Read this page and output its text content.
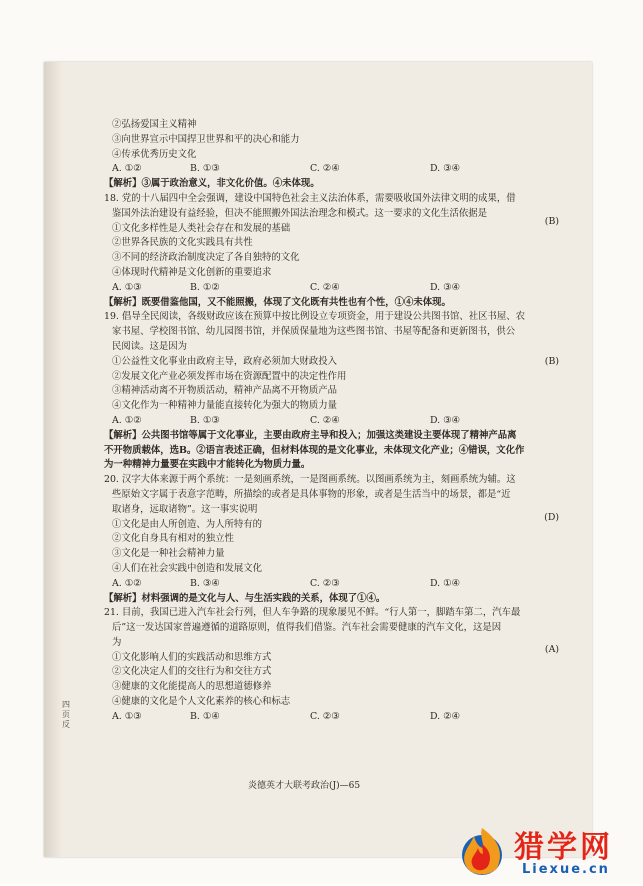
②弘扬爱国主义精神
③向世界宣示中国捍卫世界和平的决心和能力
④传承优秀历史文化
A. ①②	B. ①③	C. ②④	D. ③④
【解析】③属于政治意义，非文化价值。④未体现。
18. 党的十八届四中全会强调，建设中国特色社会主义法治体系，需要吸收国外法律文明的成果，借
鉴国外法治建设有益经验，但决不能照搬外国法治理念和模式。这一要求的文化生活依据是
①文化多样性是人类社会存在和发展的基础
(B)
②世界各民族的文化实践具有共性
③不同的经济政治制度决定了各自独特的文化
④体现时代精神是文化创新的重要追求
A. ①③	B. ①②	C. ②④	D. ③④
【解析】既要借鉴他国，又不能照搬，体现了文化既有共性也有个性，①④未体现。
19. 倡导全民阅读，各级财政应该在预算中按比例设立专项资金，用于建设公共图书馆、社区书屋、农
家书屋、学校图书馆、幼儿园图书馆，并保质保量地为这些图书馆、书屋等配备和更新图书，供公
民阅读。这是因为
①公益性文化事业由政府主导，政府必须加大财政投入	(B)
②发展文化产业必须发挥市场在资源配置中的决定性作用
③精神活动离不开物质活动，精神产品离不开物质产品
④文化作为一种精神力量能直接转化为强大的物质力量
A. ①②	B. ①③	C. ②④	D. ③④
【解析】公共图书馆等属于文化事业，主要由政府主导和投入；加强这类建设主要体现了精神产品离
不开物质载体，选B。②语言表述正确，但材料体现的是文化事业，未体现文化产业；④错误，文化作
为一种精神力量要在实践中才能转化为物质力量。
20. 汉字大体来源于两个系统：一是刻画系统，一是图画系统。以图画系统为主，刻画系统为辅。这
些原始文字属于表意字范畴，所描绘的或者是具体事物的形象，或者是生活当中的场景，都是“近
取诸身，远取诸物”。这一事实说明
①文化是由人所创造、为人所特有的
(D)
②文化自身具有相对的独立性
③文化是一种社会精神力量
④人们在社会实践中创造和发展文化
A. ①②	B. ③④	C. ②③	D. ①④
【解析】材料强调的是文化与人、与生活实践的关系，体现了①④。
21. 目前，我国已进入汽车社会行列，但人车争路的现象屡见不鲜。“行人第一，脚踏车第二，汽车最
后”这一发达国家普遍遵循的道路原则，值得我们借鉴。汽车社会需要健康的汽车文化，这是因
为
(A)
①文化影响人们的实践活动和思维方式
②文化决定人们的交往行为和交往方式
③健康的文化能提高人的思想道德修养
④健康的文化是个人文化素养的核心和标志
A. ①③	B. ①④	C. ②③	D. ②④
四页反
炎德英才大联考政治(J)—65
猎学网
Liexue.cn
